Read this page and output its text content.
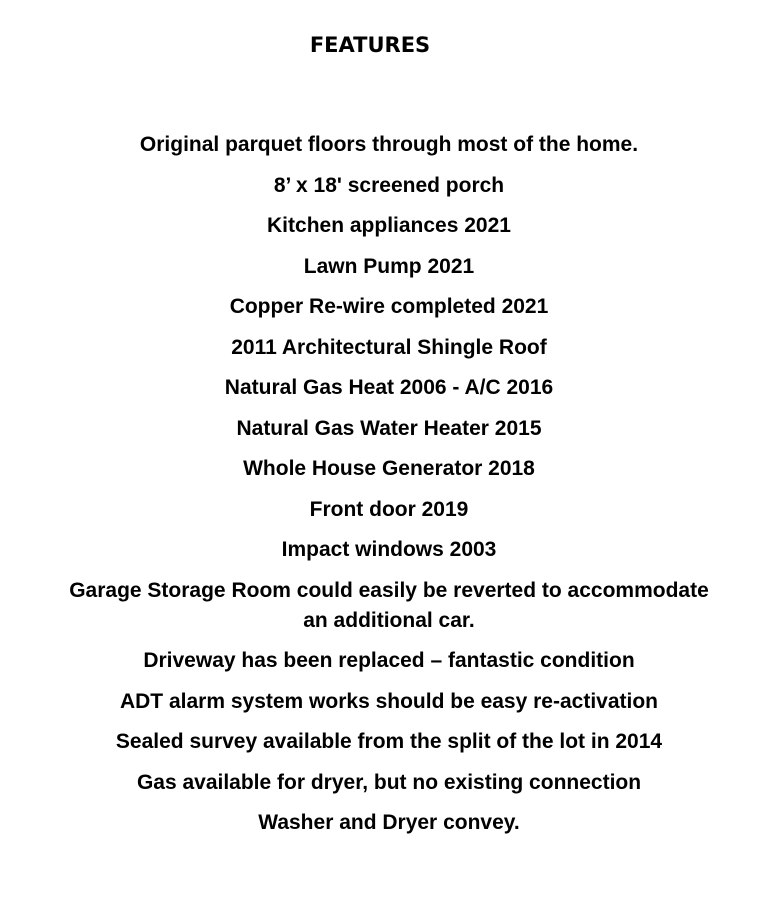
FEATURES
Original parquet floors through most of the home.
8’ x 18' screened porch
Kitchen appliances 2021
Lawn Pump 2021
Copper Re-wire completed 2021
2011 Architectural Shingle Roof
Natural Gas Heat 2006 - A/C 2016
Natural Gas Water Heater 2015
Whole House Generator 2018
Front door 2019
Impact windows 2003
Garage Storage Room could easily be reverted to accommodate an additional car.
Driveway has been replaced – fantastic condition
ADT alarm system works should be easy re-activation
Sealed survey available from the split of the lot in 2014
Gas available for dryer, but no existing connection
Washer and Dryer convey.
